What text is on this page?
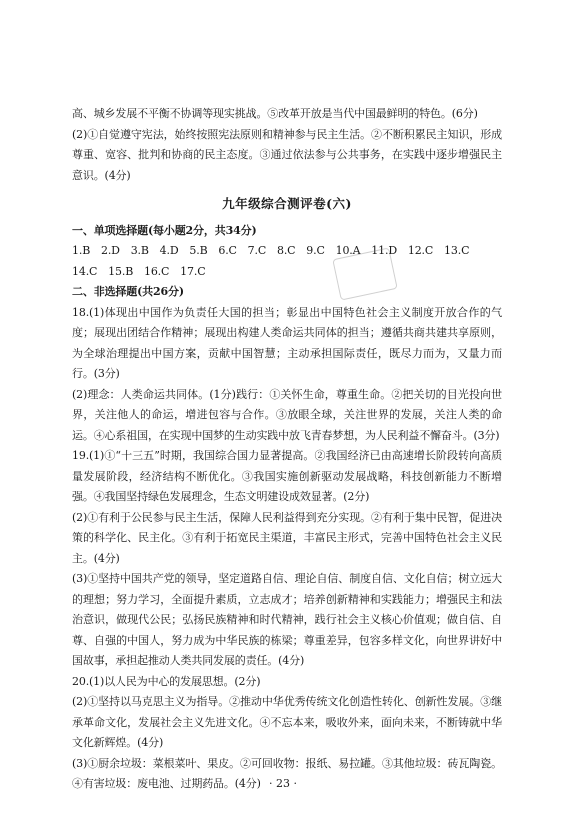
高、城乡发展不平衡不协调等现实挑战。⑤改革开放是当代中国最鲜明的特色。(6分)

(2)①自觉遵守宪法，始终按照宪法原则和精神参与民主生活。②不断积累民主知识，形成尊重、宽容、批判和协商的民主态度。③通过依法参与公共事务，在实践中逐步增强民主意识。(4分)

九年级综合测评卷(六)

一、单项选择题(每小题2分，共34分)

1.B　2.D　3.B　4.D　5.B　6.C　7.C　8.C　9.C　10.A　11.D　12.C　13.C

14.C　15.B　16.C　17.C

二、非选择题(共26分)

18.(1)体现出中国作为负责任大国的担当；彰显出中国特色社会主义制度开放合作的气度；展现出团结合作精神；展现出构建人类命运共同体的担当；遵循共商共建共享原则，为全球治理提出中国方案，贡献中国智慧；主动承担国际责任，既尽力而为，又量力而行。(3分)

(2)理念：人类命运共同体。(1分)践行：①关怀生命，尊重生命。②把关切的目光投向世界，关注他人的命运，增进包容与合作。③放眼全球，关注世界的发展，关注人类的命运。④心系祖国，在实现中国梦的生动实践中放飞青春梦想，为人民利益不懈奋斗。(3分)

19.(1)①“十三五”时期，我国综合国力显著提高。②我国经济已由高速增长阶段转向高质量发展阶段，经济结构不断优化。③我国实施创新驱动发展战略，科技创新能力不断增强。④我国坚持绿色发展理念，生态文明建设成效显著。(2分)

(2)①有利于公民参与民主生活，保障人民利益得到充分实现。②有利于集中民智，促进决策的科学化、民主化。③有利于拓宽民主渠道，丰富民主形式，完善中国特色社会主义民主。(4分)

(3)①坚持中国共产党的领导，坚定道路自信、理论自信、制度自信、文化自信；树立远大的理想；努力学习，全面提升素质，立志成才；培养创新精神和实践能力；增强民主和法治意识，做现代公民；弘扬民族精神和时代精神，践行社会主义核心价值观；做自信、自尊、自强的中国人，努力成为中华民族的栋梁；尊重差异，包容多样文化，向世界讲好中国故事，承担起推动人类共同发展的责任。(4分)

20.(1)以人民为中心的发展思想。(2分)

(2)①坚持以马克思主义为指导。②推动中华优秀传统文化创造性转化、创新性发展。③继承革命文化，发展社会主义先进文化。④不忘本来，吸收外来，面向未来，不断铸就中华文化新辉煌。(4分)

(3)①厨余垃圾：菜根菜叶、果皮。②可回收物：报纸、易拉罐。③其他垃圾：砖瓦陶瓷。④有害垃圾：废电池、过期药品。(4分) · 23 ·
